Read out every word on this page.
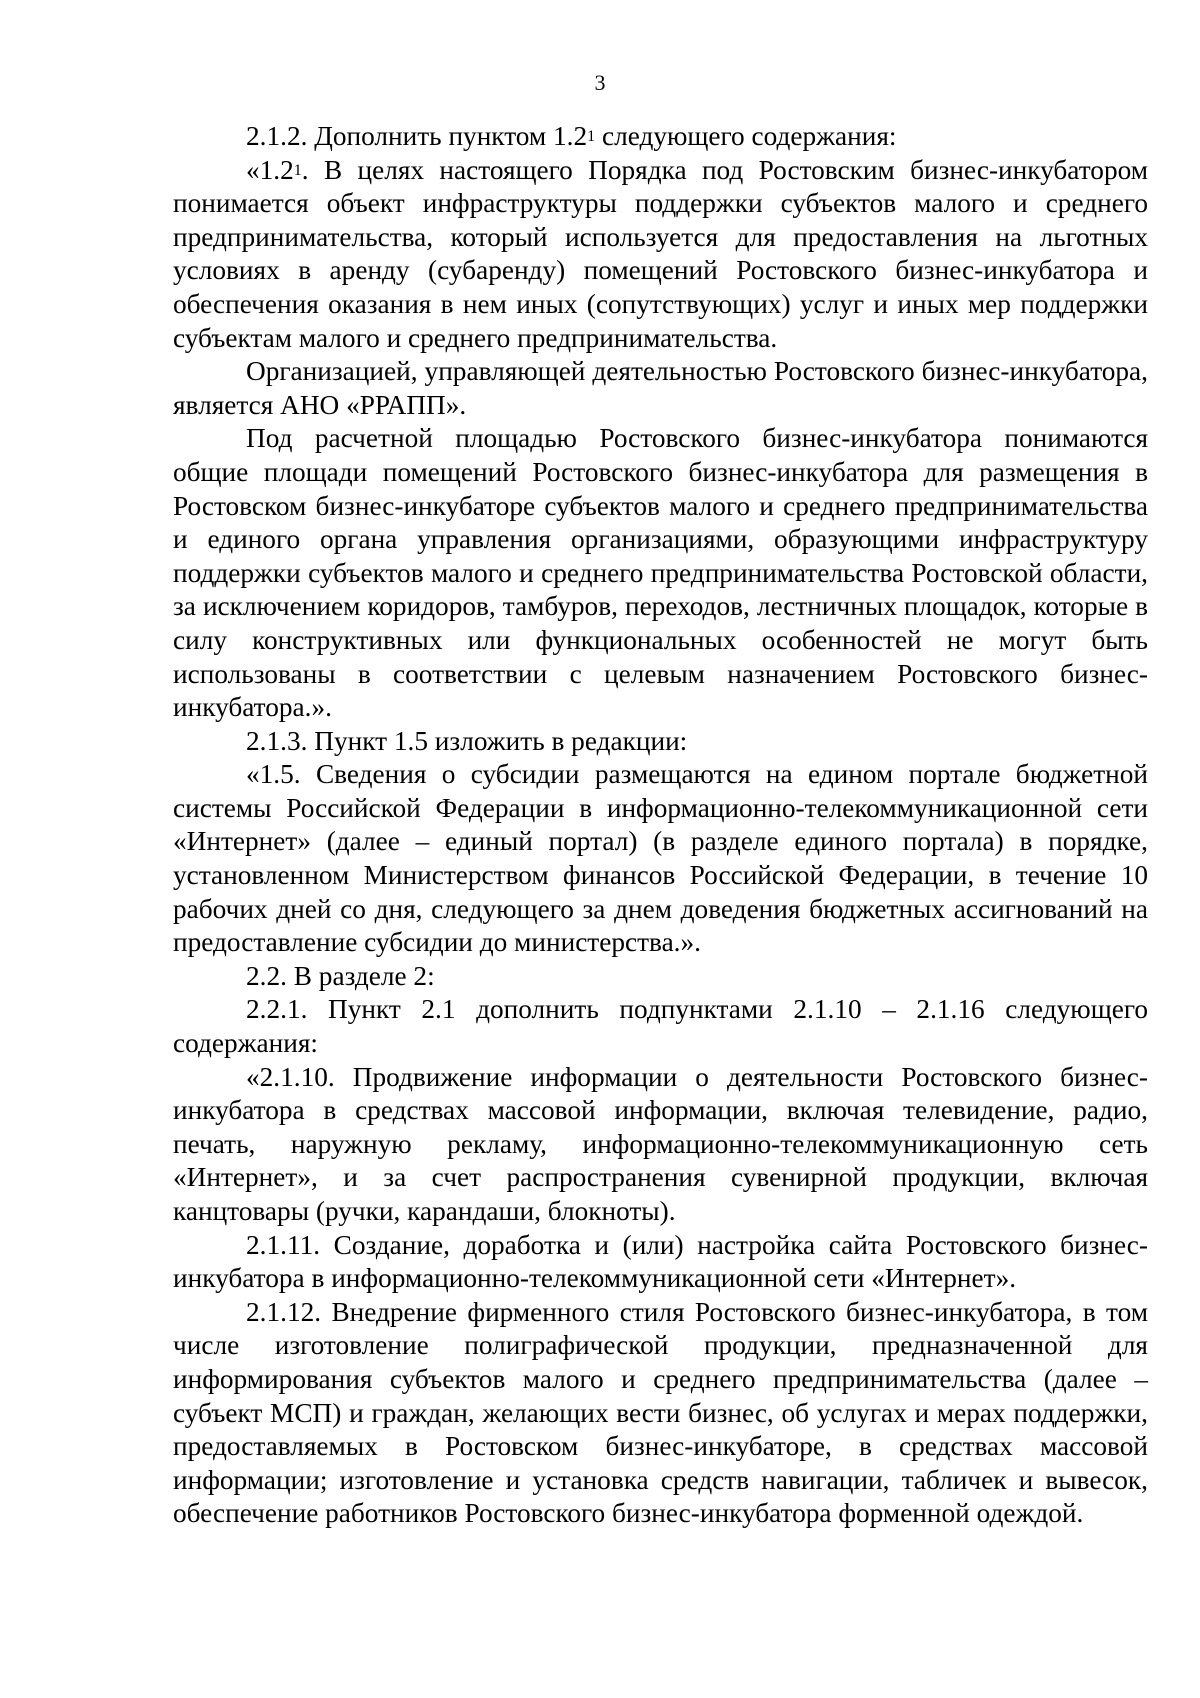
3

2.1.2. Дополнить пунктом $1.2^1$ следующего содержания:

«$1.2^1$. В целях настоящего Порядка под Ростовским бизнес-инкубатором понимается объект инфраструктуры поддержки субъектов малого и среднего предпринимательства, который используется для предоставления на льготных условиях в аренду (субаренду) помещений Ростовского бизнес-инкубатора и обеспечения оказания в нем иных (сопутствующих) услуг и иных мер поддержки субъектам малого и среднего предпринимательства.

Организацией, управляющей деятельностью Ростовского бизнес-инкубатора, является АНО «РРАПП».

Под расчетной площадью Ростовского бизнес-инкубатора понимаются общие площади помещений Ростовского бизнес-инкубатора для размещения в Ростовском бизнес-инкубаторе субъектов малого и среднего предпринимательства и единого органа управления организациями, образующими инфраструктуру поддержки субъектов малого и среднего предпринимательства Ростовской области, за исключением коридоров, тамбуров, переходов, лестничных площадок, которые в силу конструктивных или функциональных особенностей не могут быть использованы в соответствии с целевым назначением Ростовского бизнес-инкубатора.».

2.1.3. Пункт 1.5 изложить в редакции:

«1.5. Сведения о субсидии размещаются на едином портале бюджетной системы Российской Федерации в информационно-телекоммуникационной сети «Интернет» (далее – единый портал) (в разделе единого портала) в порядке, установленном Министерством финансов Российской Федерации, в течение 10 рабочих дней со дня, следующего за днем доведения бюджетных ассигнований на предоставление субсидии до министерства.».

2.2. В разделе 2:

2.2.1. Пункт 2.1 дополнить подпунктами 2.1.10 – 2.1.16 следующего содержания:

«2.1.10. Продвижение информации о деятельности Ростовского бизнес-инкубатора в средствах массовой информации, включая телевидение, радио, печать, наружную рекламу, информационно-телекоммуникационную сеть «Интернет», и за счет распространения сувенирной продукции, включая канцтовары (ручки, карандаши, блокноты).

2.1.11. Создание, доработка и (или) настройка сайта Ростовского бизнес-инкубатора в информационно-телекоммуникационной сети «Интернет».

2.1.12. Внедрение фирменного стиля Ростовского бизнес-инкубатора, в том числе изготовление полиграфической продукции, предназначенной для информирования субъектов малого и среднего предпринимательства (далее – субъект МСП) и граждан, желающих вести бизнес, об услугах и мерах поддержки, предоставляемых в Ростовском бизнес-инкубаторе, в средствах массовой информации; изготовление и установка средств навигации, табличек и вывесок, обеспечение работников Ростовского бизнес-инкубатора форменной одеждой.
